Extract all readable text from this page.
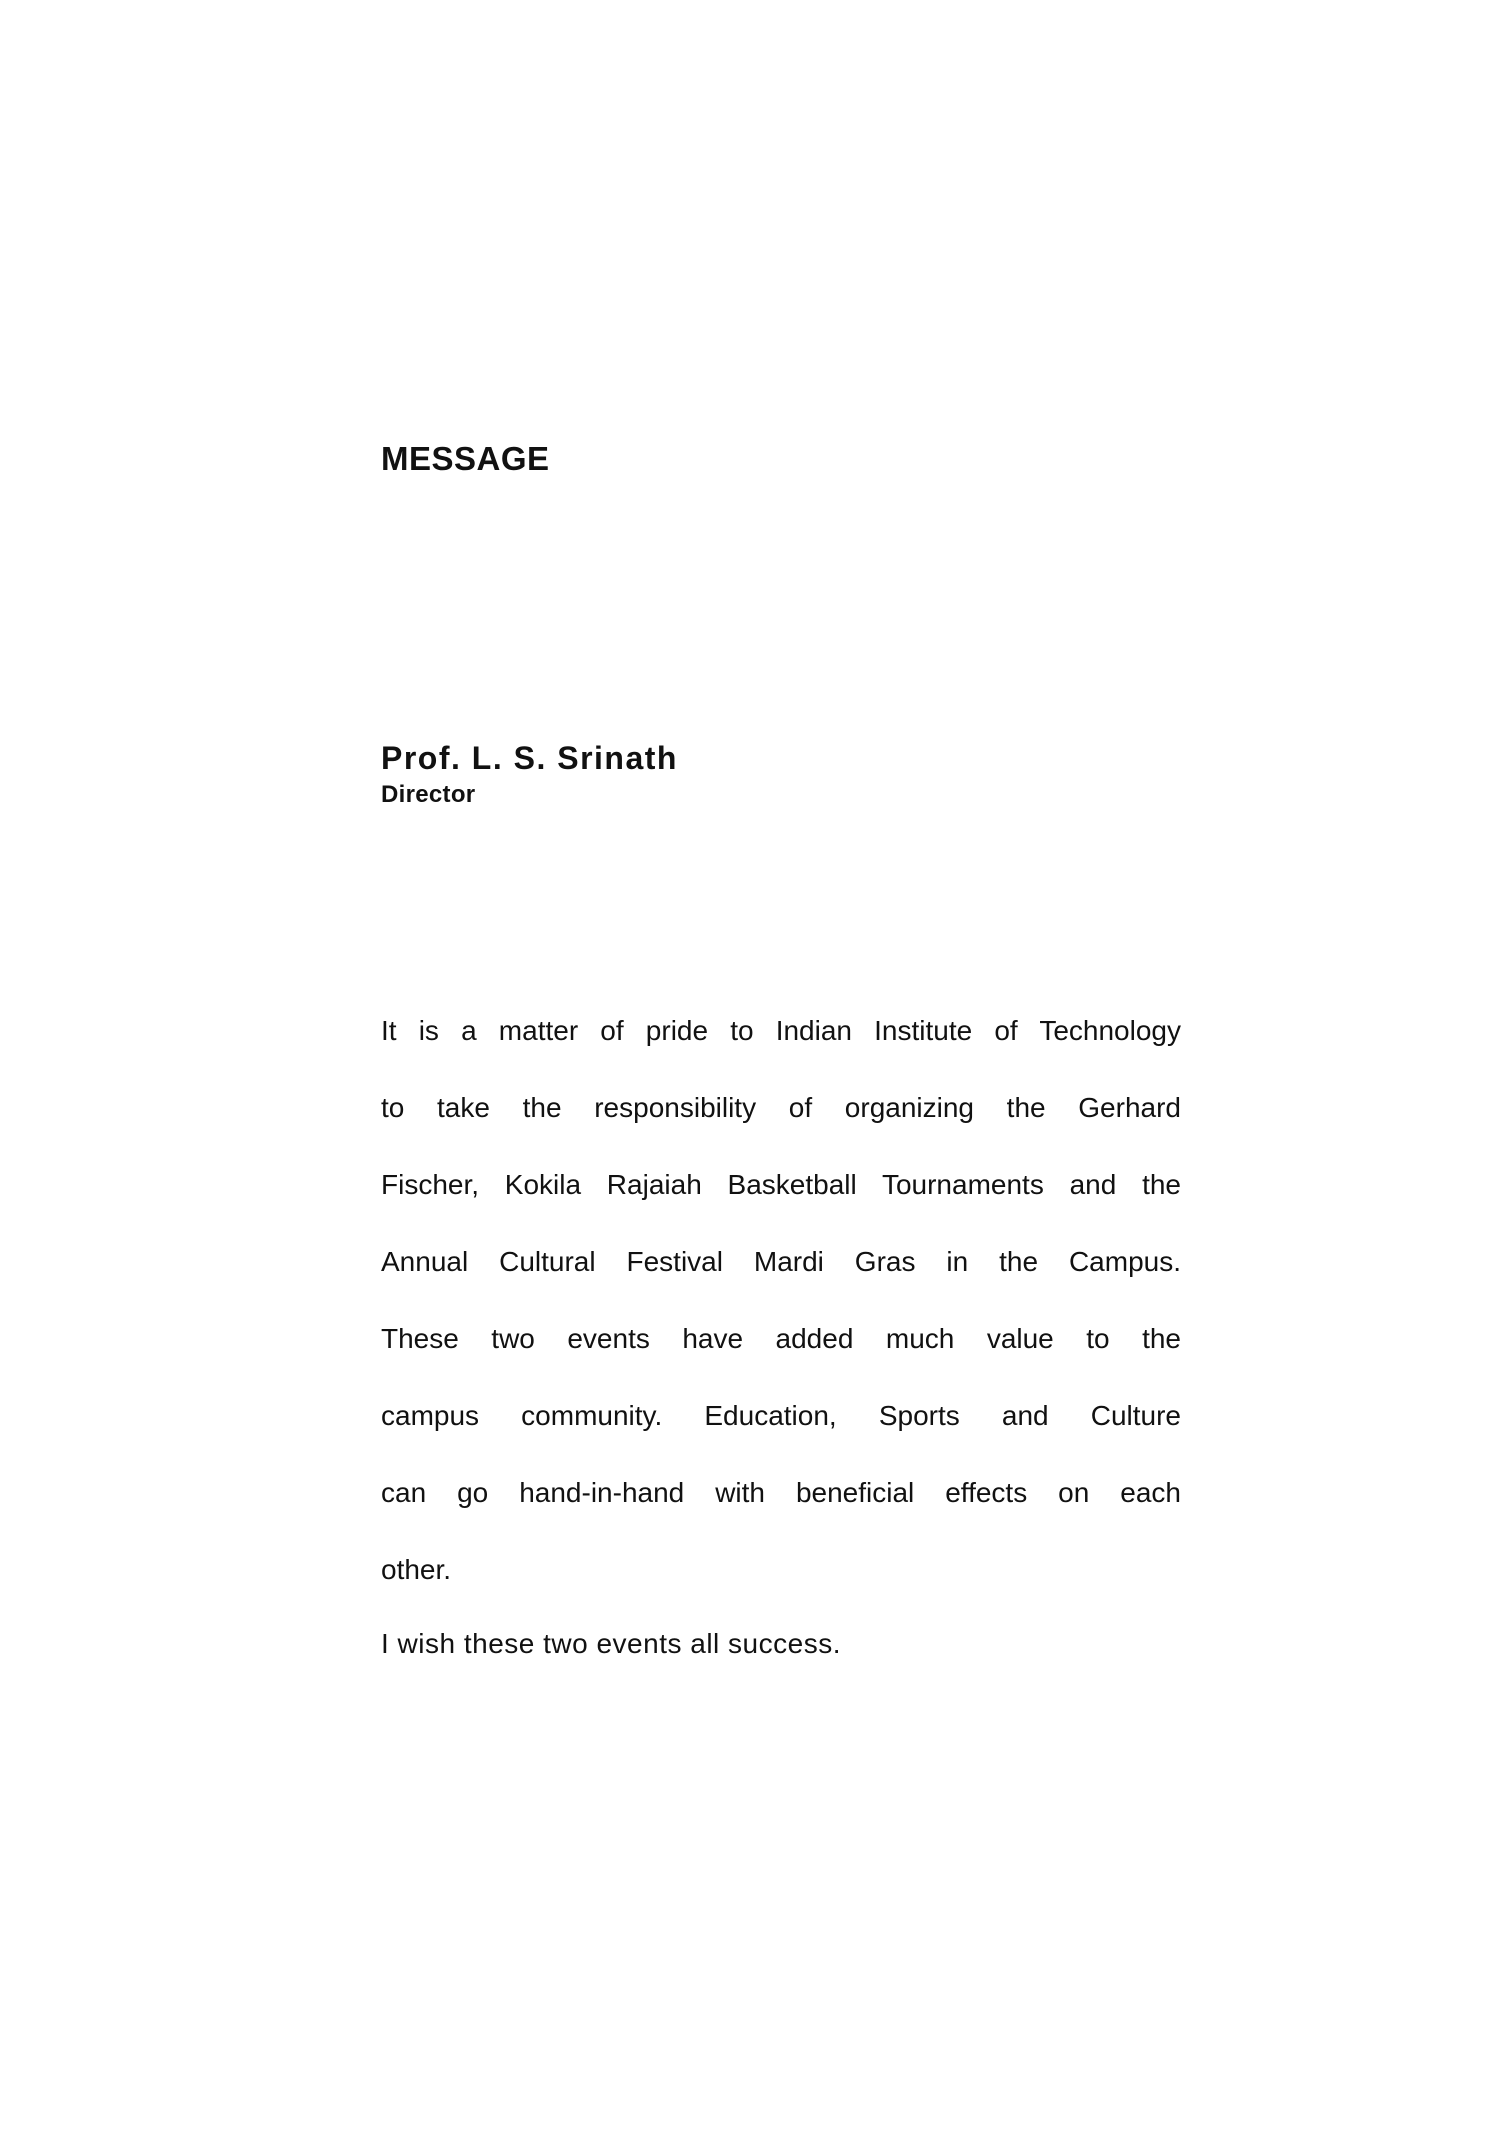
MESSAGE

Prof. L. S. Srinath

Director

It is a matter of pride to Indian Institute of Technology
to take the responsibility of organizing the Gerhard
Fischer, Kokila Rajaiah Basketball Tournaments and the
Annual Cultural Festival Mardi Gras in the Campus.
These two events have added much value to the
campus community. Education, Sports and Culture
can go hand-in-hand with beneficial effects on each
other.

I wish these two events all success.
